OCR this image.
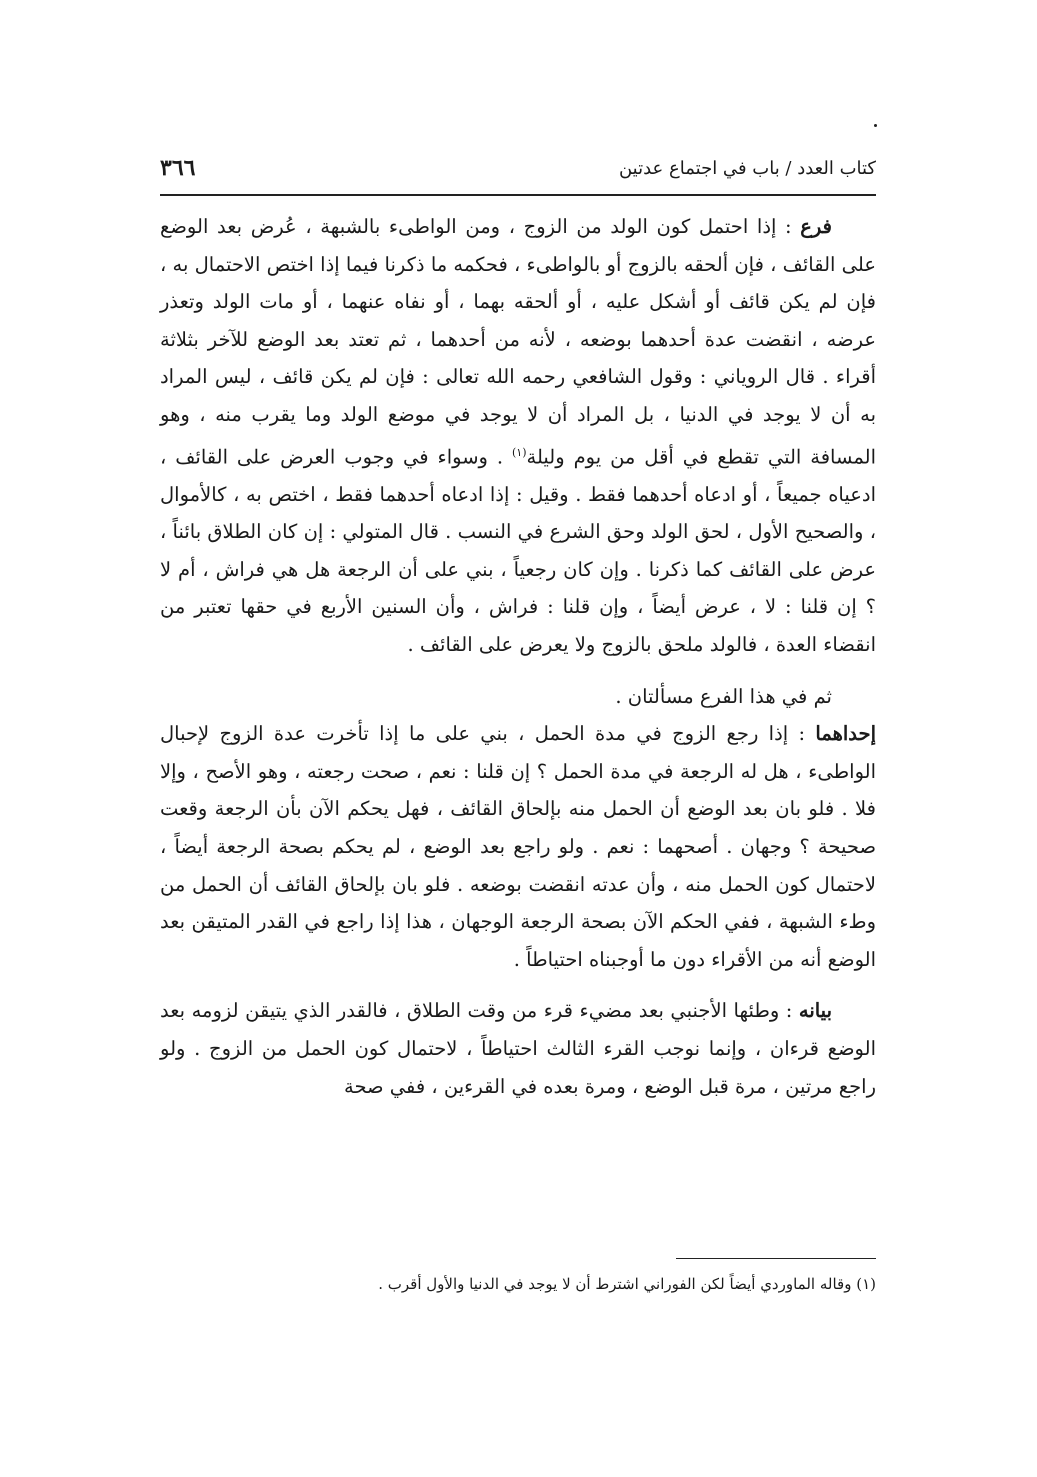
كتاب العدد / باب في اجتماع عدتين
٣٦٦

فرع : إذا احتمل كون الولد من الزوج ، ومن الواطىء بالشبهة ، عُرض بعد الوضع على القائف ، فإن ألحقه بالزوج أو بالواطىء ، فحكمه ما ذكرنا فيما إذا اختص الاحتمال به ، فإن لم يكن قائف أو أشكل عليه ، أو ألحقه بهما ، أو نفاه عنهما ، أو مات الولد وتعذر عرضه ، انقضت عدة أحدهما بوضعه ، لأنه من أحدهما ، ثم تعتد بعد الوضع للآخر بثلاثة أقراء . قال الروياني : وقول الشافعي رحمه الله تعالى : فإن لم يكن قائف ، ليس المراد به أن لا يوجد في الدنيا ، بل المراد أن لا يوجد في موضع الولد وما يقرب منه ، وهو المسافة التي تقطع في أقل من يوم وليلة$^{(١)}$ . وسواء في وجوب العرض على القائف ، ادعياه جميعاً ، أو ادعاه أحدهما فقط . وقيل : إذا ادعاه أحدهما فقط ، اختص به ، كالأموال ، والصحيح الأول ، لحق الولد وحق الشرع في النسب . قال المتولي : إن كان الطلاق بائناً ، عرض على القائف كما ذكرنا . وإن كان رجعياً ، بني على أن الرجعة هل هي فراش ، أم لا ؟ إن قلنا : لا ، عرض أيضاً ، وإن قلنا : فراش ، وأن السنين الأربع في حقها تعتبر من انقضاء العدة ، فالولد ملحق بالزوج ولا يعرض على القائف .

ثم في هذا الفرع مسألتان .

إحداهما : إذا رجع الزوج في مدة الحمل ، بني على ما إذا تأخرت عدة الزوج لإحبال الواطىء ، هل له الرجعة في مدة الحمل ؟ إن قلنا : نعم ، صحت رجعته ، وهو الأصح ، وإلا فلا . فلو بان بعد الوضع أن الحمل منه بإلحاق القائف ، فهل يحكم الآن بأن الرجعة وقعت صحيحة ؟ وجهان . أصحهما : نعم . ولو راجع بعد الوضع ، لم يحكم بصحة الرجعة أيضاً ، لاحتمال كون الحمل منه ، وأن عدته انقضت بوضعه . فلو بان بإلحاق القائف أن الحمل من وطء الشبهة ، ففي الحكم الآن بصحة الرجعة الوجهان ، هذا إذا راجع في القدر المتيقن بعد الوضع أنه من الأقراء دون ما أوجبناه احتياطاً .

بيانه : وطئها الأجنبي بعد مضيء قرء من وقت الطلاق ، فالقدر الذي يتيقن لزومه بعد الوضع قرءان ، وإنما نوجب القرء الثالث احتياطاً ، لاحتمال كون الحمل من الزوج . ولو راجع مرتين ، مرة قبل الوضع ، ومرة بعده في القرءين ، ففي صحة

(١) وقاله الماوردي أيضاً لكن الفوراني اشترط أن لا يوجد في الدنيا والأول أقرب .
